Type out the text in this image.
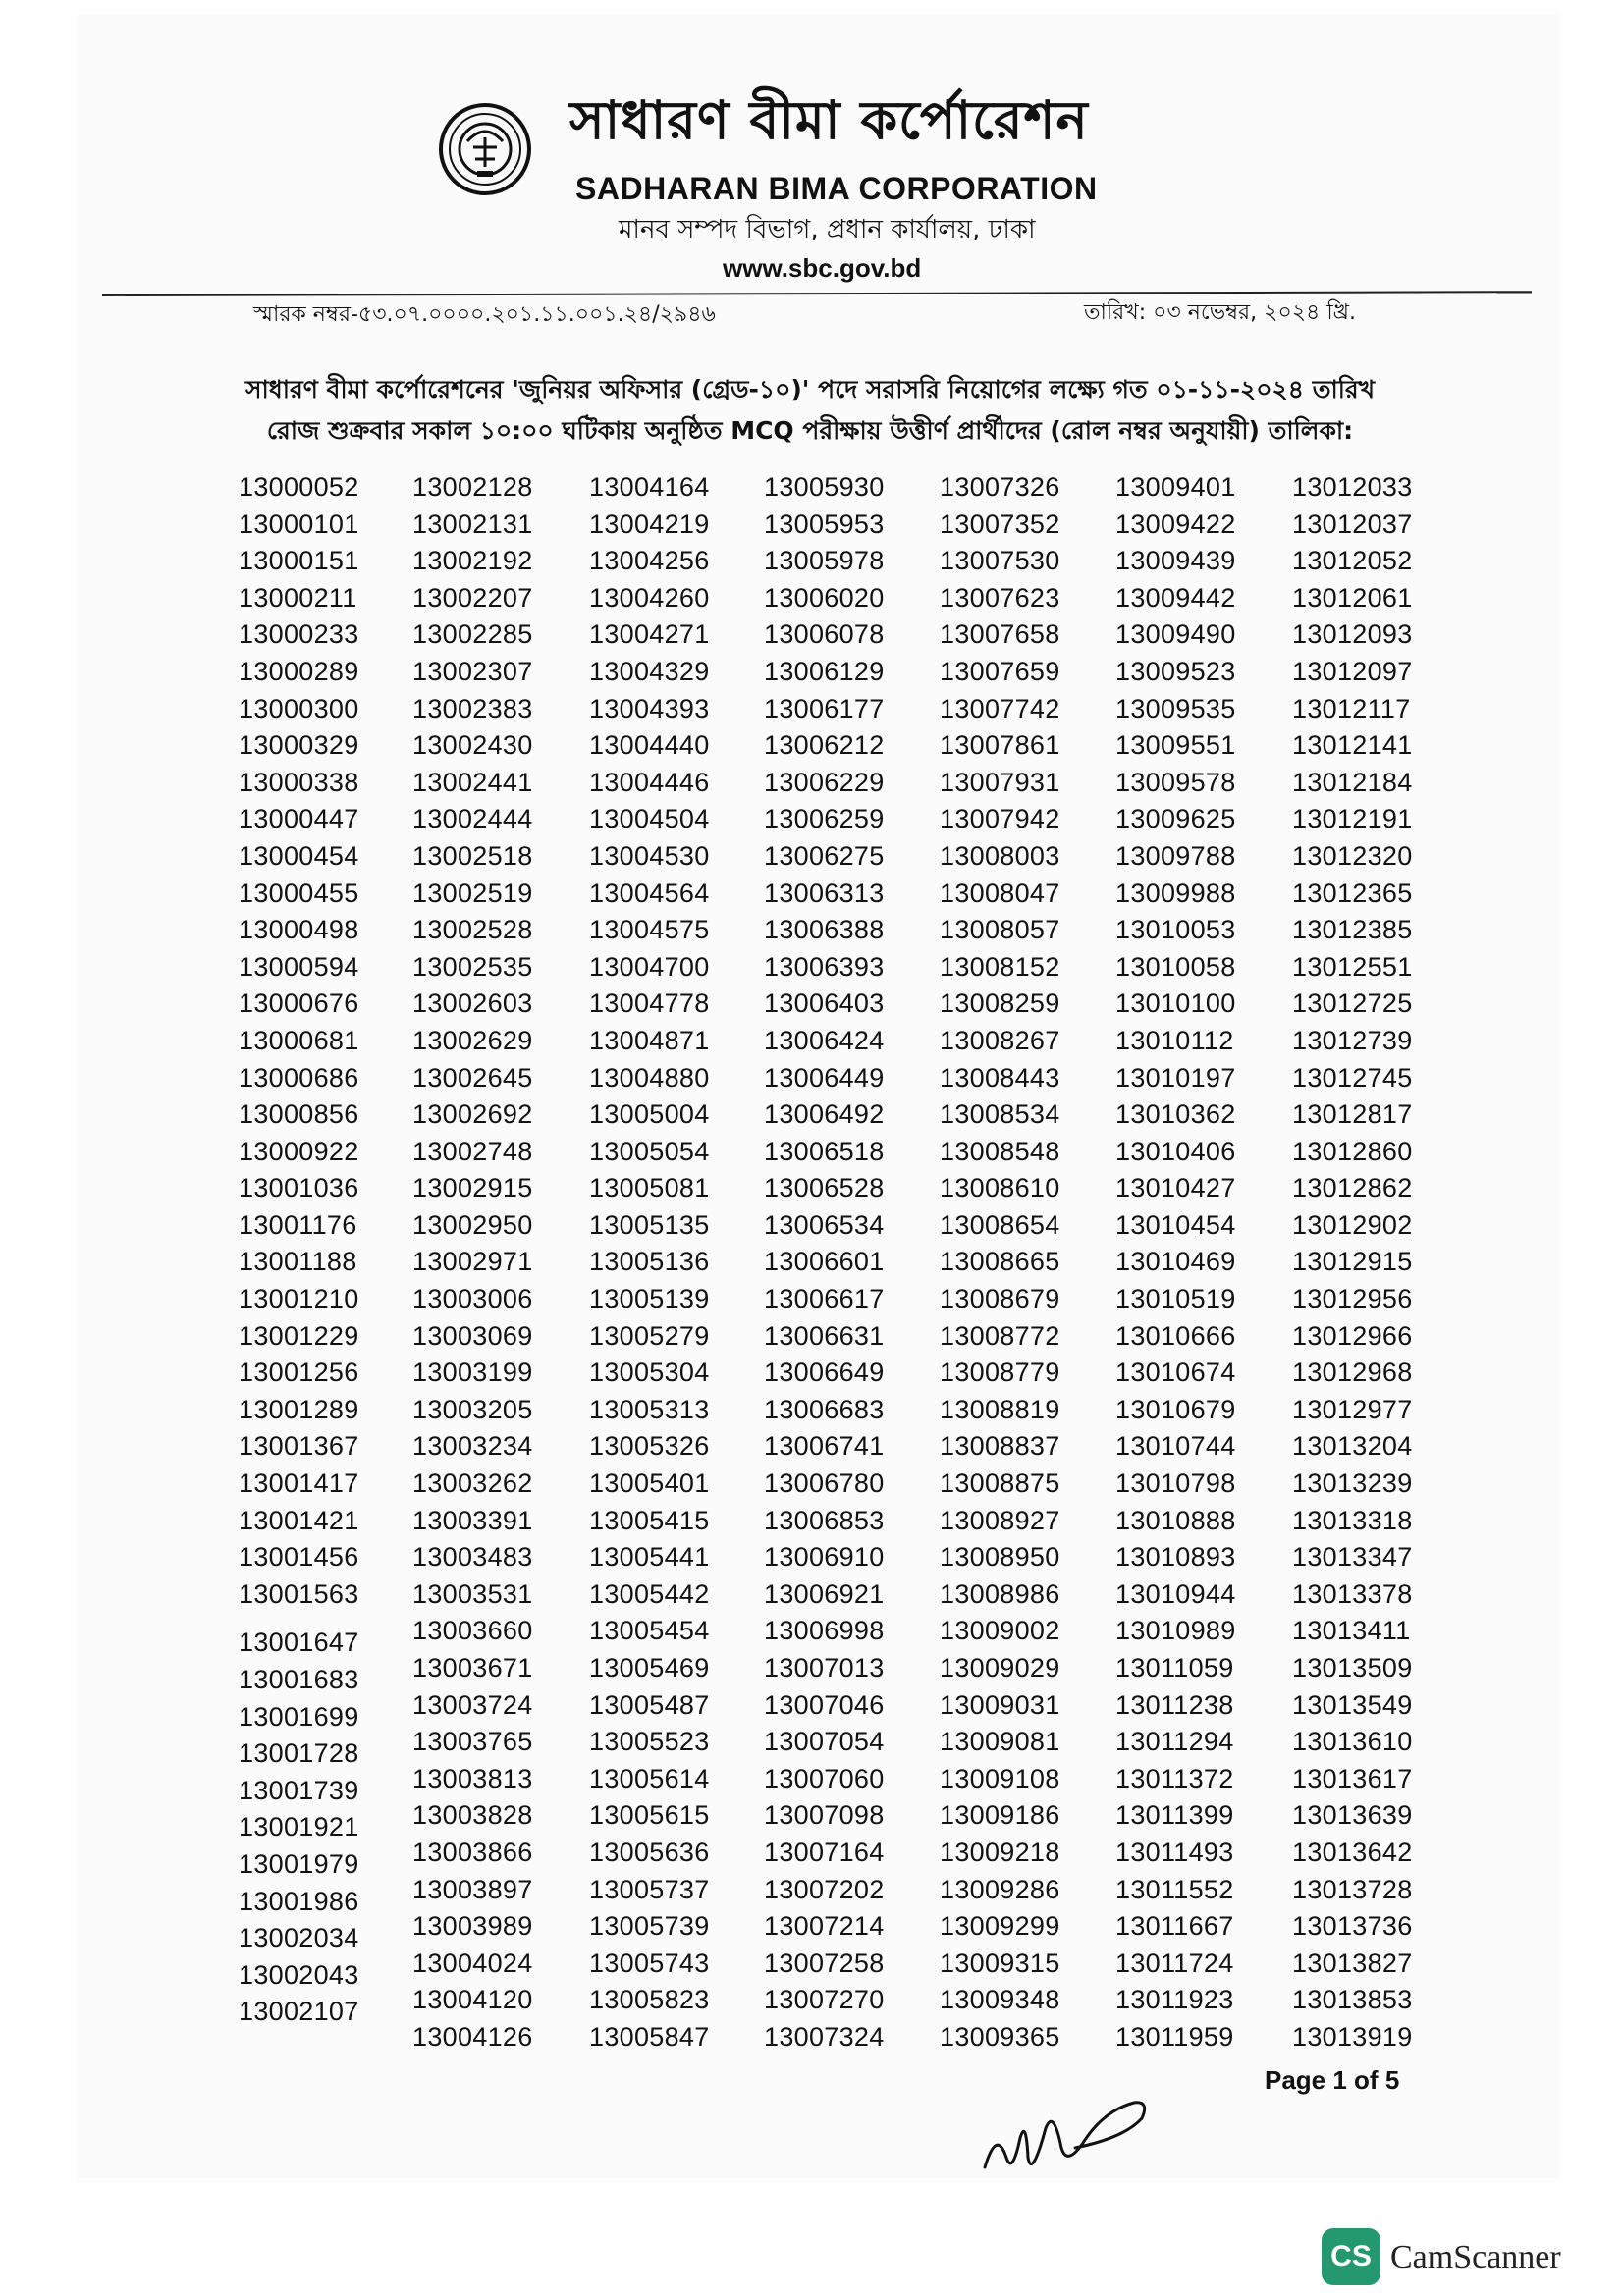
সাধারণ বীমা কর্পোরেশন
SADHARAN BIMA CORPORATION
মানব সম্পদ বিভাগ, প্রধান কার্যালয়, ঢাকা
www.sbc.gov.bd
স্মারক নম্বর-৫৩.০৭.০০০০.২০১.১১.০০১.২৪/২৯৪৬	তারিখ: ০৩ নভেম্বর, ২০২৪ খ্রি.
সাধারণ বীমা কর্পোরেশনের 'জুনিয়র অফিসার (গ্রেড-১০)' পদে সরাসরি নিয়োগের লক্ষ্যে গত ০১-১১-২০২৪ তারিখ
রোজ শুক্রবার সকাল ১০:০০ ঘটিকায় অনুষ্ঠিত MCQ পরীক্ষায় উত্তীর্ণ প্রার্থীদের (রোল নম্বর অনুযায়ী) তালিকা:
13000052
13000101
13000151
13000211
13000233
13000289
13000300
13000329
13000338
13000447
13000454
13000455
13000498
13000594
13000676
13000681
13000686
13000856
13000922
13001036
13001176
13001188
13001210
13001229
13001256
13001289
13001367
13001417
13001421
13001456
13001563
13001647
13001683
13001699
13001728
13001739
13001921
13001979
13001986
13002034
13002043
13002107
13002128
13002131
13002192
13002207
13002285
13002307
13002383
13002430
13002441
13002444
13002518
13002519
13002528
13002535
13002603
13002629
13002645
13002692
13002748
13002915
13002950
13002971
13003006
13003069
13003199
13003205
13003234
13003262
13003391
13003483
13003531
13003660
13003671
13003724
13003765
13003813
13003828
13003866
13003897
13003989
13004024
13004120
13004126
13004164
13004219
13004256
13004260
13004271
13004329
13004393
13004440
13004446
13004504
13004530
13004564
13004575
13004700
13004778
13004871
13004880
13005004
13005054
13005081
13005135
13005136
13005139
13005279
13005304
13005313
13005326
13005401
13005415
13005441
13005442
13005454
13005469
13005487
13005523
13005614
13005615
13005636
13005737
13005739
13005743
13005823
13005847
13005930
13005953
13005978
13006020
13006078
13006129
13006177
13006212
13006229
13006259
13006275
13006313
13006388
13006393
13006403
13006424
13006449
13006492
13006518
13006528
13006534
13006601
13006617
13006631
13006649
13006683
13006741
13006780
13006853
13006910
13006921
13006998
13007013
13007046
13007054
13007060
13007098
13007164
13007202
13007214
13007258
13007270
13007324
13007326
13007352
13007530
13007623
13007658
13007659
13007742
13007861
13007931
13007942
13008003
13008047
13008057
13008152
13008259
13008267
13008443
13008534
13008548
13008610
13008654
13008665
13008679
13008772
13008779
13008819
13008837
13008875
13008927
13008950
13008986
13009002
13009029
13009031
13009081
13009108
13009186
13009218
13009286
13009299
13009315
13009348
13009365
13009401
13009422
13009439
13009442
13009490
13009523
13009535
13009551
13009578
13009625
13009788
13009988
13010053
13010058
13010100
13010112
13010197
13010362
13010406
13010427
13010454
13010469
13010519
13010666
13010674
13010679
13010744
13010798
13010888
13010893
13010944
13010989
13011059
13011238
13011294
13011372
13011399
13011493
13011552
13011667
13011724
13011923
13011959
13012033
13012037
13012052
13012061
13012093
13012097
13012117
13012141
13012184
13012191
13012320
13012365
13012385
13012551
13012725
13012739
13012745
13012817
13012860
13012862
13012902
13012915
13012956
13012966
13012968
13012977
13013204
13013239
13013318
13013347
13013378
13013411
13013509
13013549
13013610
13013617
13013639
13013642
13013728
13013736
13013827
13013853
13013919
Page 1 of 5
CS CamScanner
